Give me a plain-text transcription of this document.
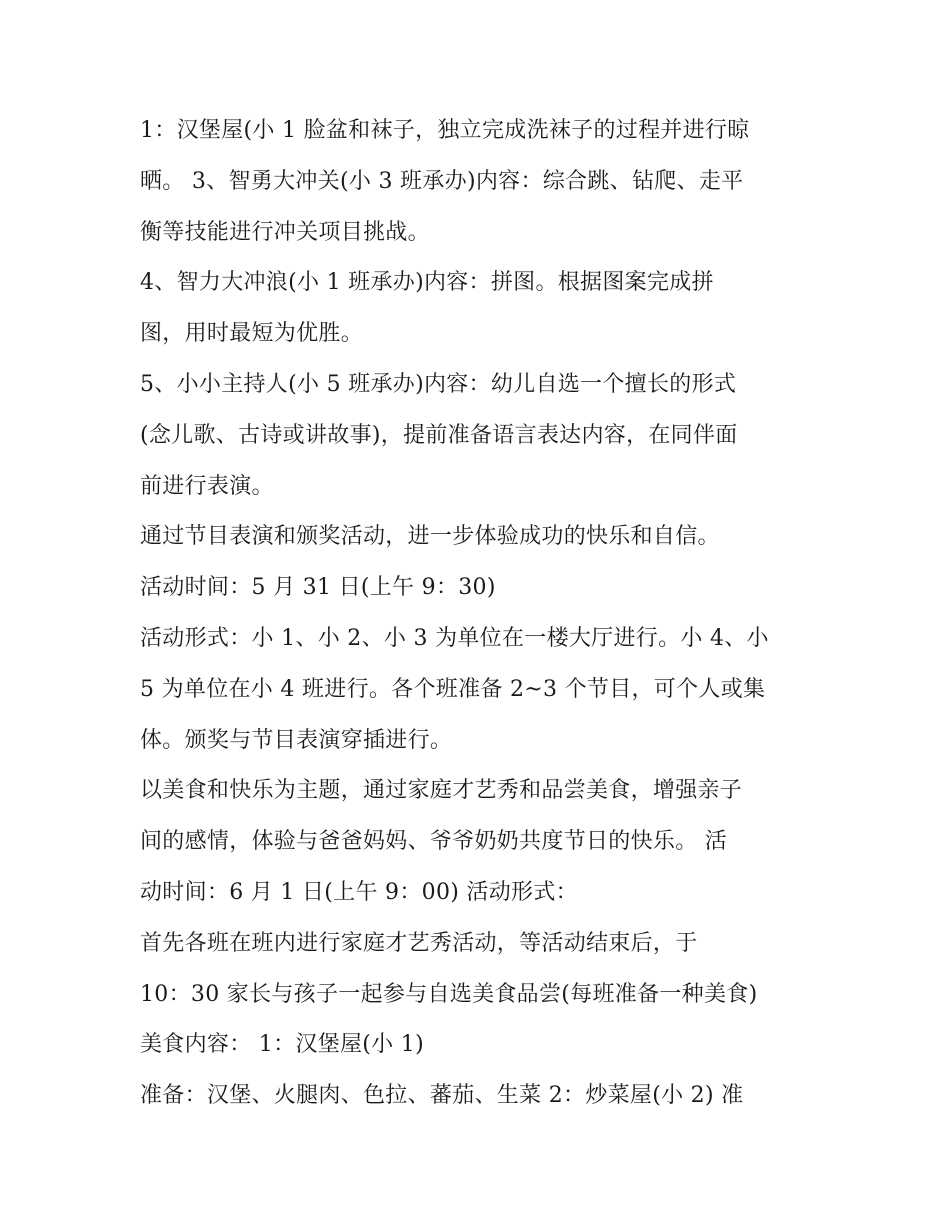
1：汉堡屋(小 1 脸盆和袜子，独立完成洗袜子的过程并进行晾
晒。 3、智勇大冲关(小 3 班承办)内容：综合跳、钻爬、走平
衡等技能进行冲关项目挑战。
4、智力大冲浪(小 1 班承办)内容：拼图。根据图案完成拼
图，用时最短为优胜。
5、小小主持人(小 5 班承办)内容：幼儿自选一个擅长的形式
(念儿歌、古诗或讲故事)，提前准备语言表达内容，在同伴面
前进行表演。
通过节目表演和颁奖活动，进一步体验成功的快乐和自信。
活动时间：5 月 31 日(上午 9：30)
活动形式：小 1、小 2、小 3 为单位在一楼大厅进行。小 4、小
5 为单位在小 4 班进行。各个班准备 2~3 个节目，可个人或集
体。颁奖与节目表演穿插进行。
以美食和快乐为主题，通过家庭才艺秀和品尝美食，增强亲子
间的感情，体验与爸爸妈妈、爷爷奶奶共度节日的快乐。 活
动时间：6 月 1 日(上午 9：00) 活动形式：
首先各班在班内进行家庭才艺秀活动，等活动结束后，于
10：30 家长与孩子一起参与自选美食品尝(每班准备一种美食)
美食内容： 1：汉堡屋(小 1)
准备：汉堡、火腿肉、色拉、蕃茄、生菜 2：炒菜屋(小 2) 准
